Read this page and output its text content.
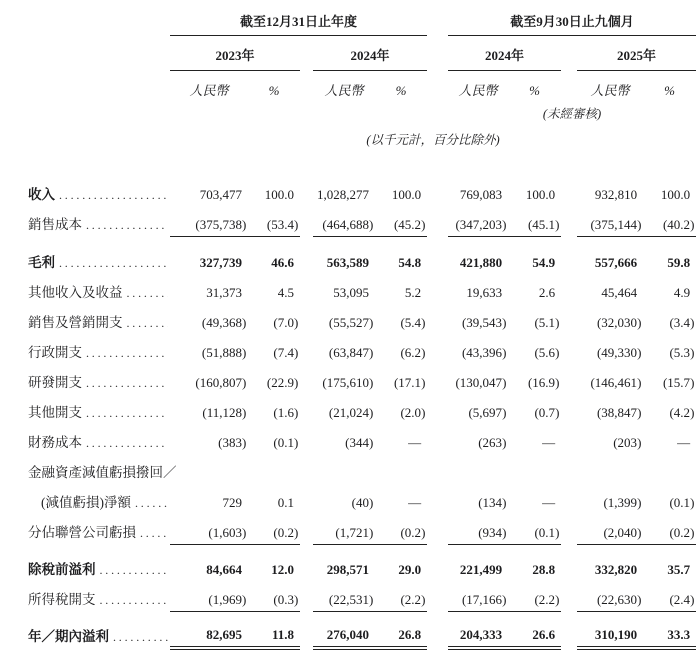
	截至12月31日止年度						截至9月30日止九個月				
	2023年			2024年			2024年			2025年	
	人民幣	%		人民幣	%		人民幣	%		人民幣	%
							(未經審核)				
	(以千元計，百分比除外)										

收入
.....	703,477	100.0		1,028,277	100.0		769,083	100.0		932,810	100.0

銷售成本
.....	(375,738)	(53.4)		(464,688)	(45.2)		(347,203)	(45.1)		(375,144)	(40.2)

毛利
.....	327,739	46.6		563,589	54.8		421,880	54.9		557,666	59.8

其他收入及收益
.....	31,373	4.5		53,095	5.2		19,633	2.6		45,464	4.9

銷售及營銷開支
.....	(49,368)	(7.0)		(55,527)	(5.4)		(39,543)	(5.1)		(32,030)	(3.4)

行政開支
.....	(51,888)	(7.4)		(63,847)	(6.2)		(43,396)	(5.6)		(49,330)	(5.3)

研發開支
.....	(160,807)	(22.9)		(175,610)	(17.1)		(130,047)	(16.9)		(146,461)	(15.7)

其他開支
.....	(11,128)	(1.6)		(21,024)	(2.0)		(5,697)	(0.7)		(38,847)	(4.2)

財務成本
.....	(383)	(0.1)		(344)	—		(263)	—		(203)	—

金融資產減值虧損撥回／											

(減值虧損)淨額
.....	729	0.1		(40)	—		(134)	—		(1,399)	(0.1)

分佔聯營公司虧損
.....	(1,603)	(0.2)		(1,721)	(0.2)		(934)	(0.1)		(2,040)	(0.2)

除稅前溢利
.....	84,664	12.0		298,571	29.0		221,499	28.8		332,820	35.7

所得稅開支
.....	(1,969)	(0.3)		(22,531)	(2.2)		(17,166)	(2.2)		(22,630)	(2.4)

年／期內溢利
.....	82,695	11.8		276,040	26.8		204,333	26.6		310,190	33.3
